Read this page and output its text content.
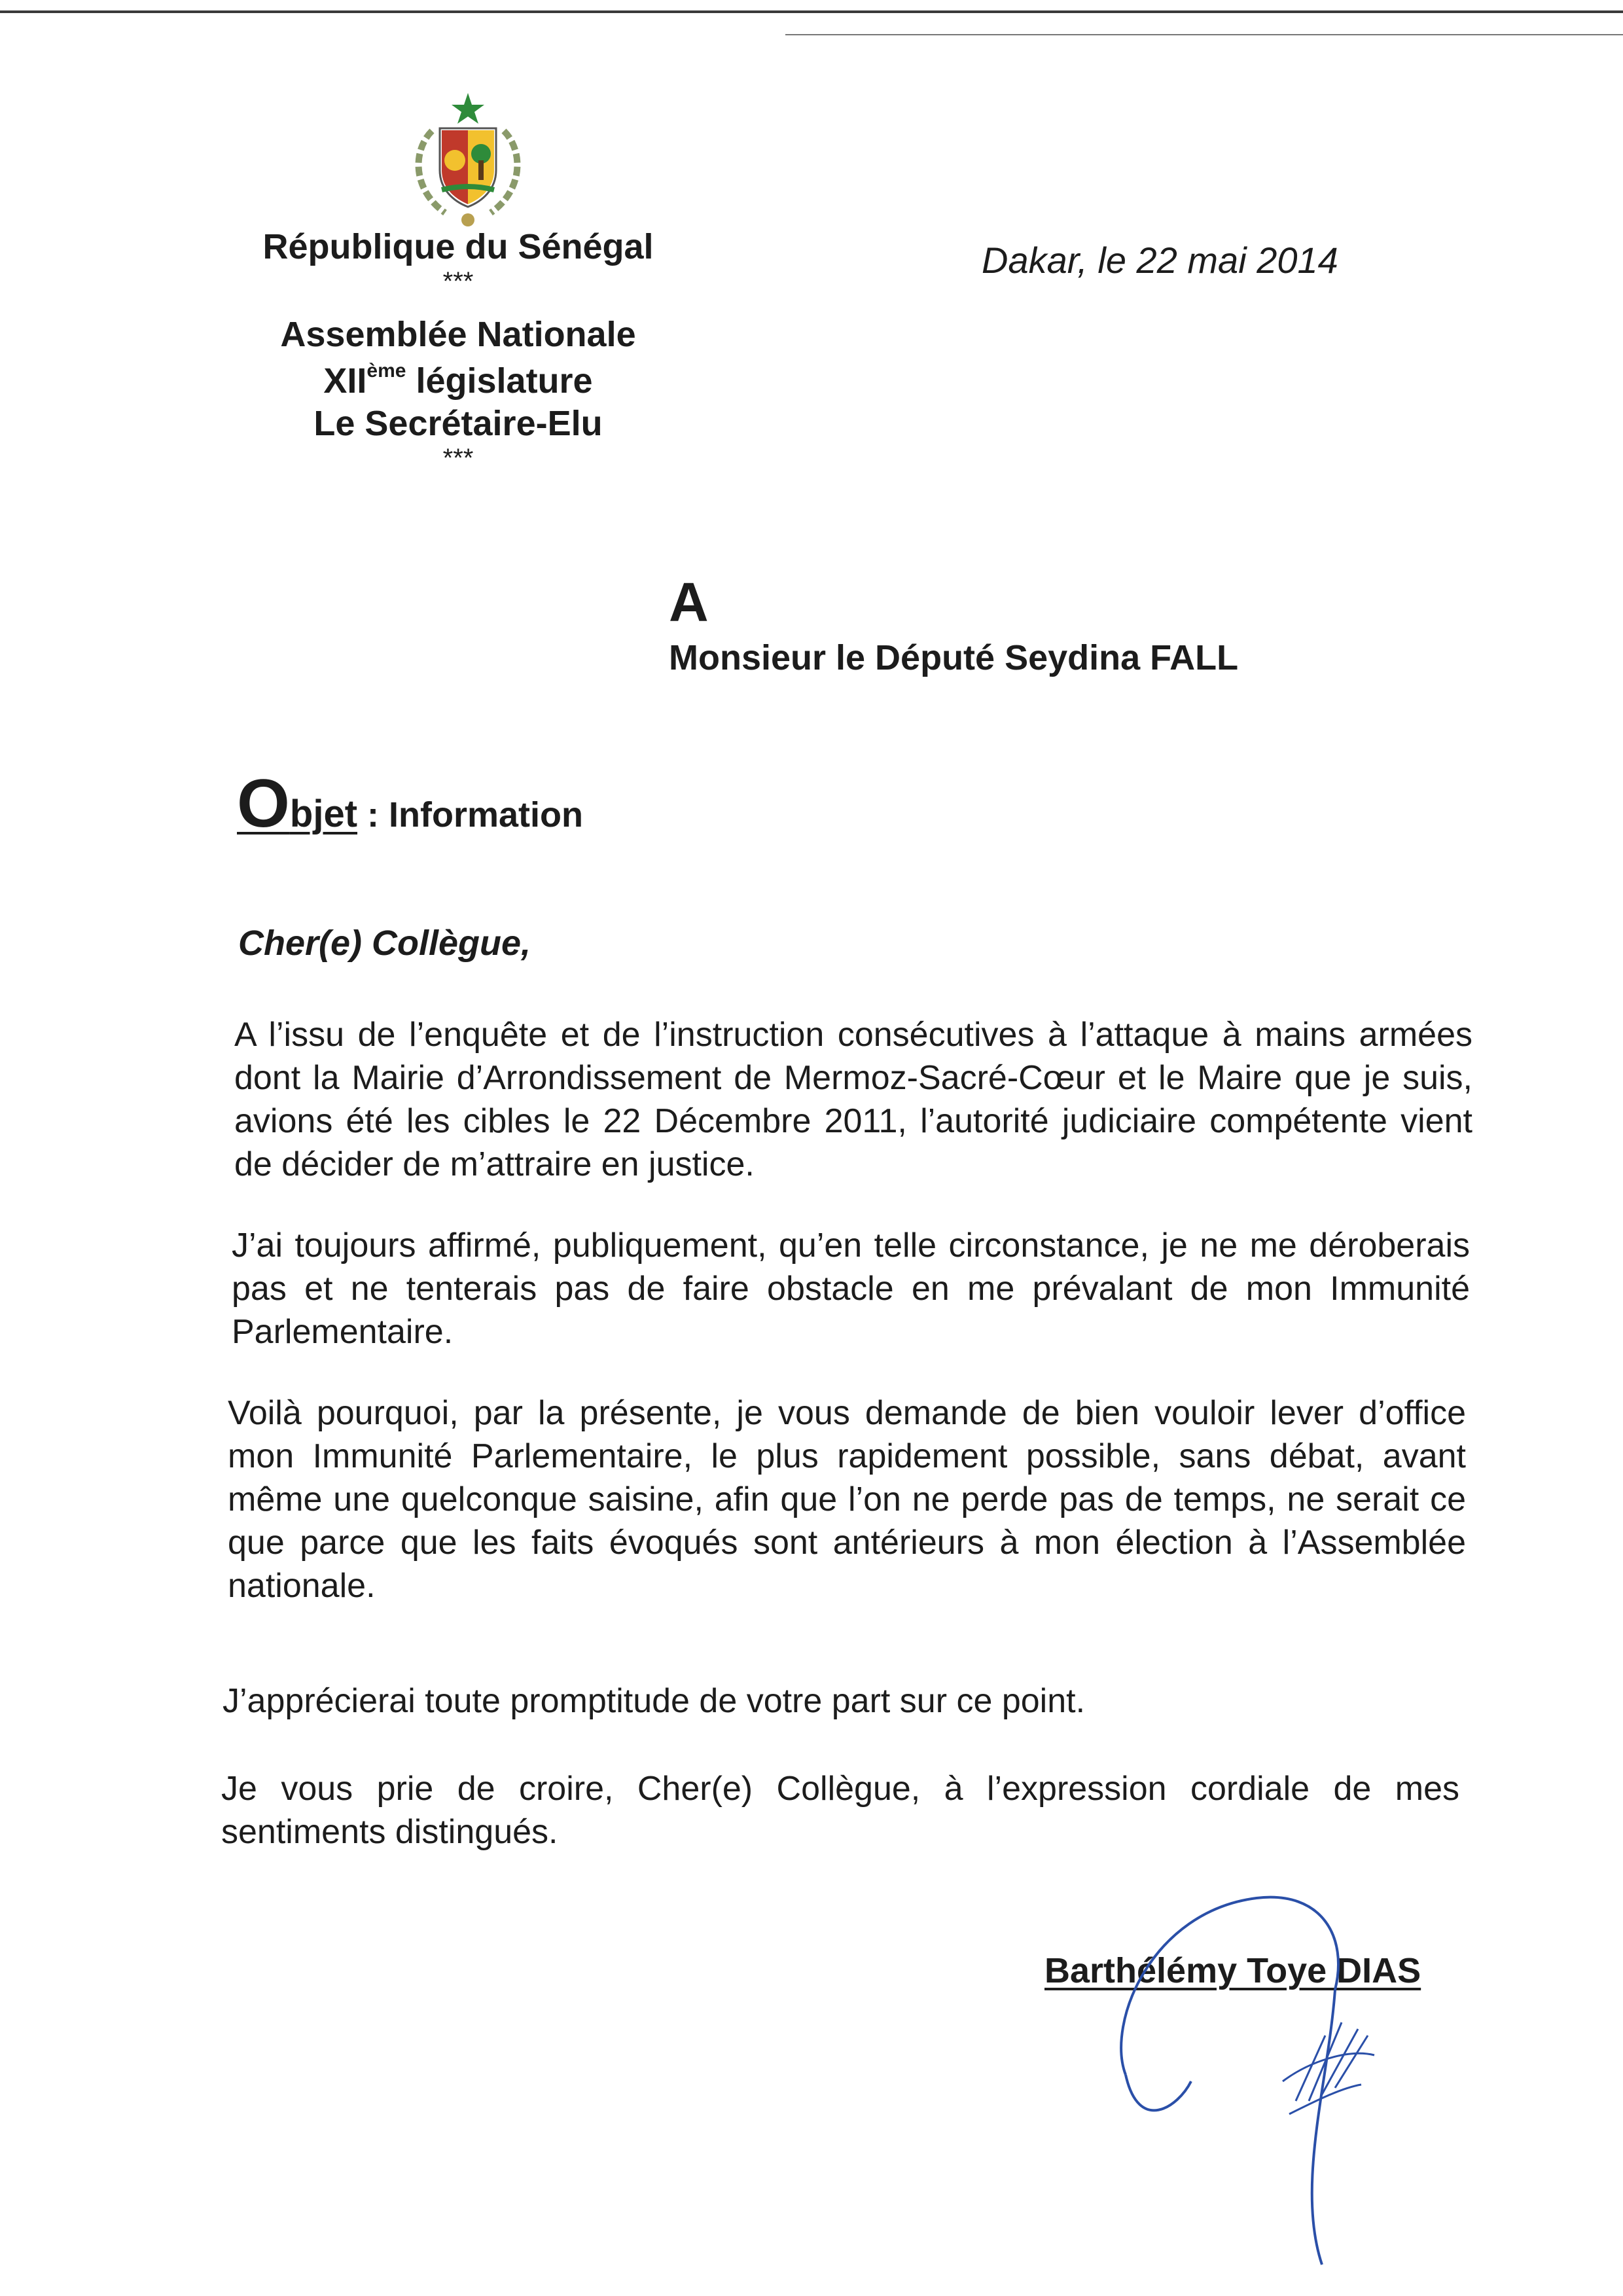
République du Sénégal
***
Assemblée Nationale
XIIème législature
Le Secrétaire-Elu
***
Dakar, le 22 mai 2014
A
Monsieur le Député Seydina FALL
Objet : Information
Cher(e) Collègue,
A l’issu de l’enquête et de l’instruction consécutives à l’attaque à mains armées dont la Mairie d’Arrondissement de Mermoz-Sacré-Cœur et le Maire que je suis, avions été les cibles le 22 Décembre 2011, l’autorité judiciaire compétente vient de décider de m’attraire en justice.
J’ai toujours affirmé, publiquement, qu’en telle circonstance, je ne me déroberais pas et ne tenterais pas de faire obstacle en me prévalant de mon Immunité Parlementaire.
Voilà pourquoi, par la présente, je vous demande de bien vouloir lever d’office mon Immunité Parlementaire, le plus rapidement possible, sans débat, avant même une quelconque saisine, afin que l’on ne perde pas de temps, ne serait ce que parce que les faits évoqués sont antérieurs à mon élection à l’Assemblée nationale.
J’apprécierai toute promptitude de votre part sur ce point.
Je vous prie de croire, Cher(e) Collègue, à l’expression cordiale de mes sentiments distingués.
Barthélémy Toye DIAS
